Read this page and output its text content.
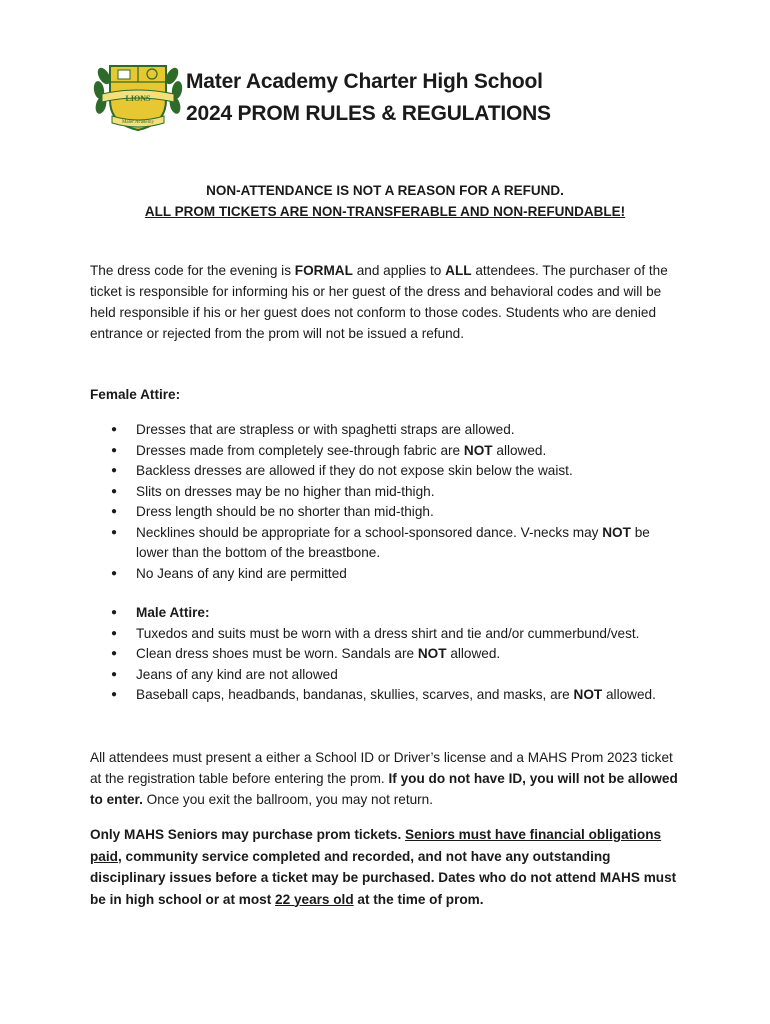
LIONS
Mater Academy
Mater Academy Charter High School
2024 PROM RULES & REGULATIONS
NON-ATTENDANCE IS NOT A REASON FOR A REFUND.
ALL PROM TICKETS ARE NON-TRANSFERABLE AND NON-REFUNDABLE!
The dress code for the evening is FORMAL and applies to ALL attendees. The purchaser of the ticket is responsible for informing his or her guest of the dress and behavioral codes and will be held responsible if his or her guest does not conform to those codes. Students who are denied entrance or rejected from the prom will not be issued a refund.
Female Attire:
● Dresses that are strapless or with spaghetti straps are allowed.
● Dresses made from completely see-through fabric are NOT allowed.
● Backless dresses are allowed if they do not expose skin below the waist.
● Slits on dresses may be no higher than mid-thigh.
● Dress length should be no shorter than mid-thigh.
● Necklines should be appropriate for a school-sponsored dance. V-necks may NOT be lower than the bottom of the breastbone.
● No Jeans of any kind are permitted
● Male Attire:
● Tuxedos and suits must be worn with a dress shirt and tie and/or cummerbund/vest.
● Clean dress shoes must be worn. Sandals are NOT allowed.
● Jeans of any kind are not allowed
● Baseball caps, headbands, bandanas, skullies, scarves, and masks, are NOT allowed.
All attendees must present a either a School ID or Driver’s license and a MAHS Prom 2023 ticket at the registration table before entering the prom. If you do not have ID, you will not be allowed to enter. Once you exit the ballroom, you may not return.
Only MAHS Seniors may purchase prom tickets. Seniors must have financial obligations paid, community service completed and recorded, and not have any outstanding disciplinary issues before a ticket may be purchased. Dates who do not attend MAHS must be in high school or at most 22 years old at the time of prom.
